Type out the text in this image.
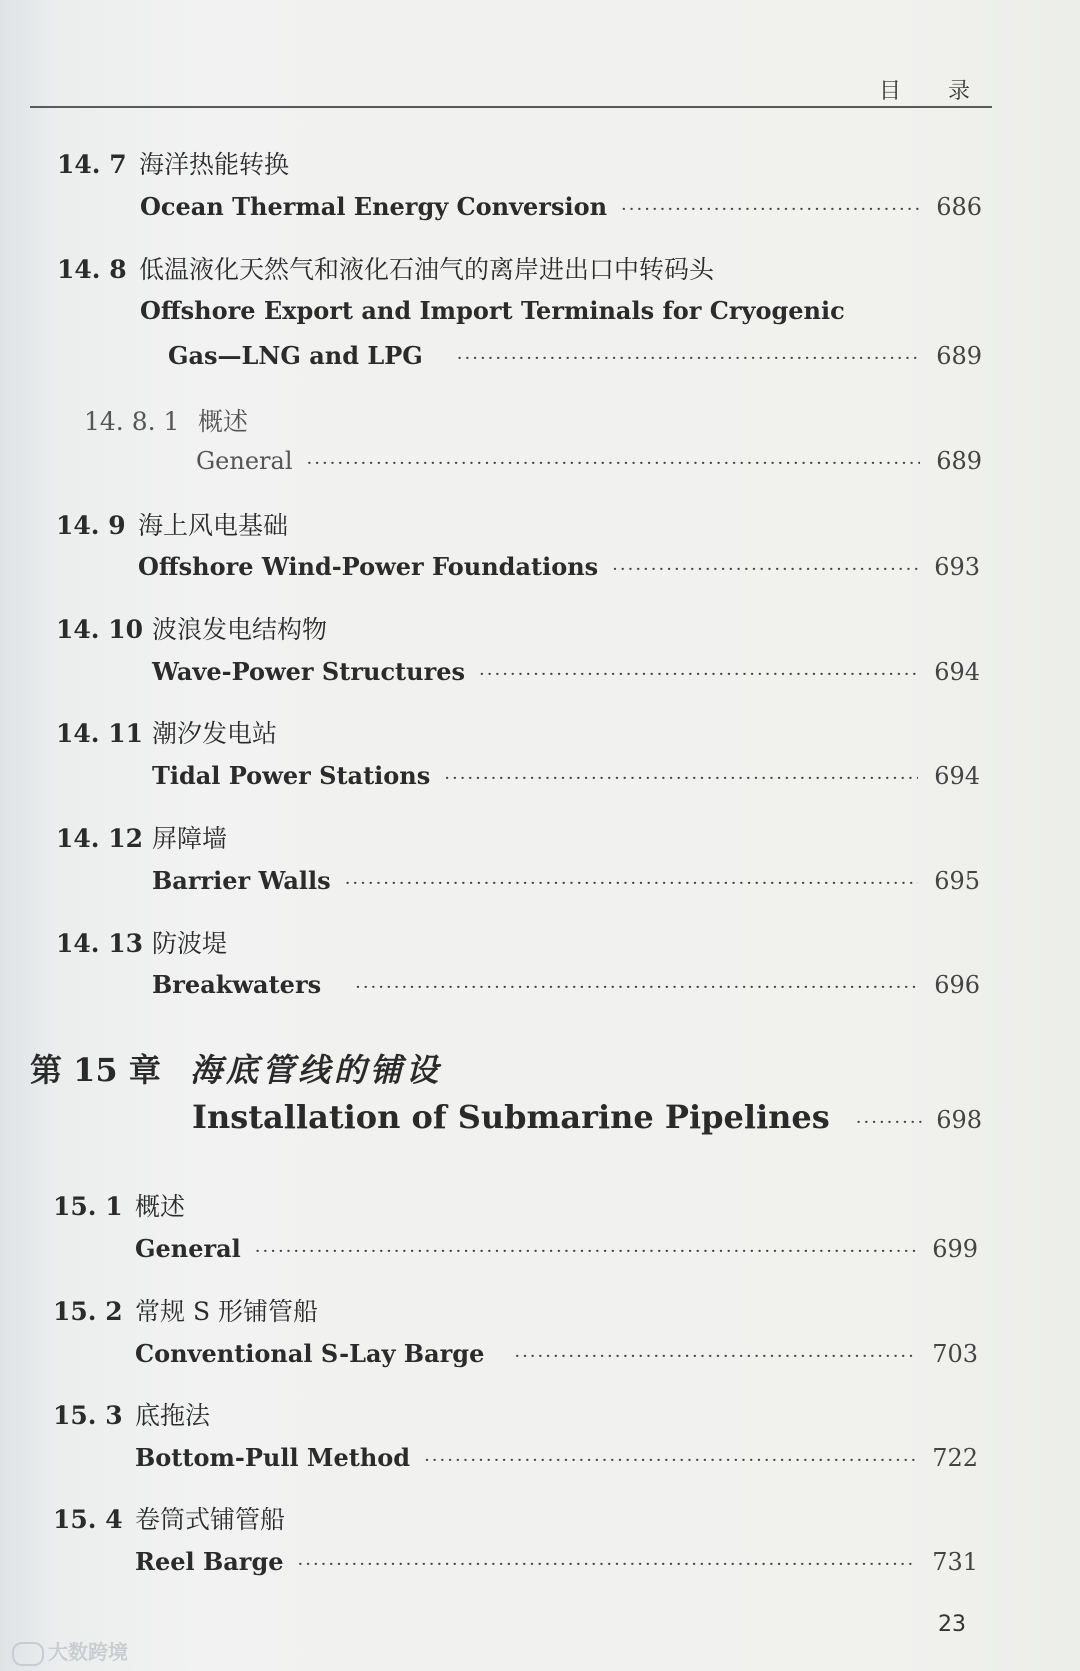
目 录
14. 7 海洋热能转换
Ocean Thermal Energy Conversion ·····	686
14. 8 低温液化天然气和液化石油气的离岸进出口中转码头
Offshore Export and Import Terminals for Cryogenic
Gas—LNG and LPG ·····	689
14. 8. 1 概述
General ·····	689
14. 9 海上风电基础
Offshore Wind-Power Foundations ·····	693
14. 10 波浪发电结构物
Wave-Power Structures ·····	694
14. 11 潮汐发电站
Tidal Power Stations ·····	694
14. 12 屏障墙
Barrier Walls ·····	695
14. 13 防波堤
Breakwaters ·····	696
第 15 章 海底管线的铺设
Installation of Submarine Pipelines ·····	698
15. 1 概述
General ·····	699
15. 2 常规 S 形铺管船
Conventional S-Lay Barge ·····	703
15. 3 底拖法
Bottom-Pull Method ·····	722
15. 4 卷筒式铺管船
Reel Barge ·····	731
23
大数跨境
